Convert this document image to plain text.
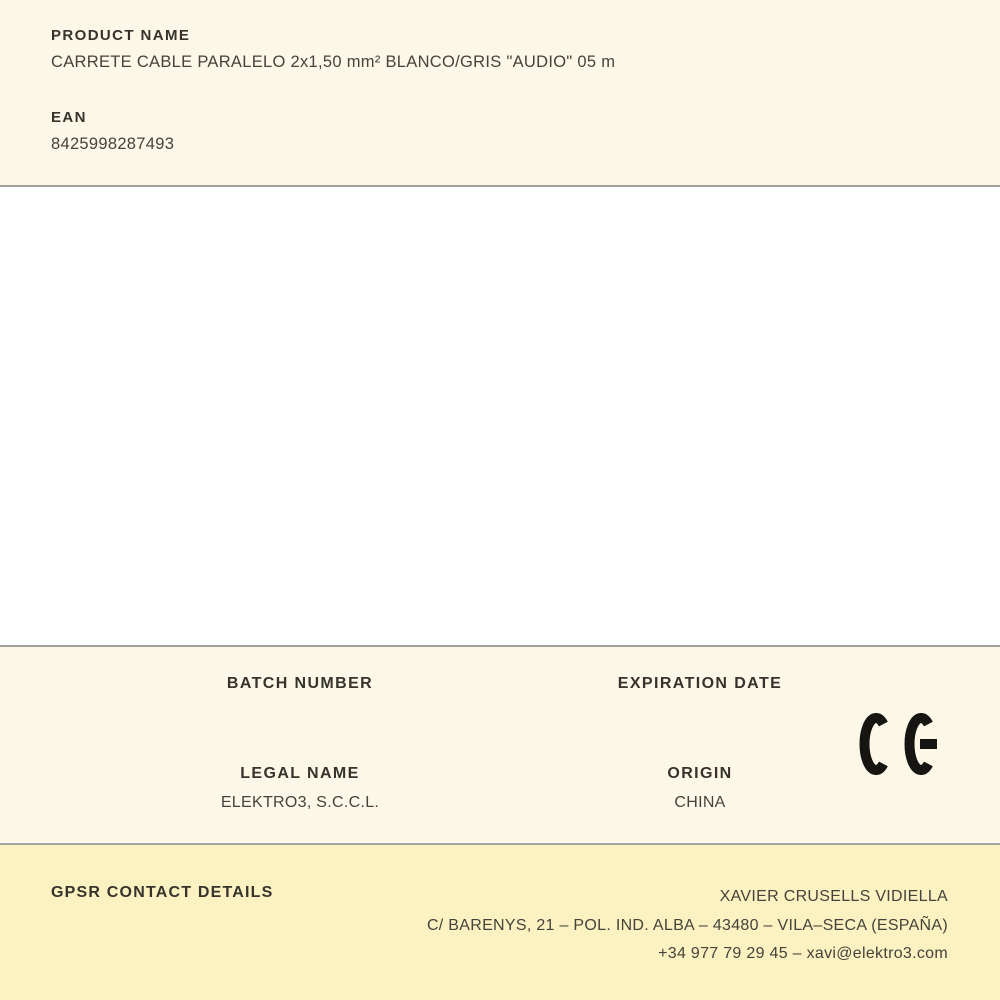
PRODUCT NAME
CARRETE CABLE PARALELO 2x1,50 mm² BLANCO/GRIS "AUDIO" 05 m
EAN
8425998287493
BATCH NUMBER
LEGAL NAME
ELEKTRO3, S.C.C.L.
EXPIRATION DATE
ORIGIN
CHINA
GPSR CONTACT DETAILS	XAVIER CRUSELLS VIDIELLA
C/ BARENYS, 21 – POL. IND. ALBA – 43480 – VILA–SECA (ESPAÑA)
+34 977 79 29 45 – xavi@elektro3.com
